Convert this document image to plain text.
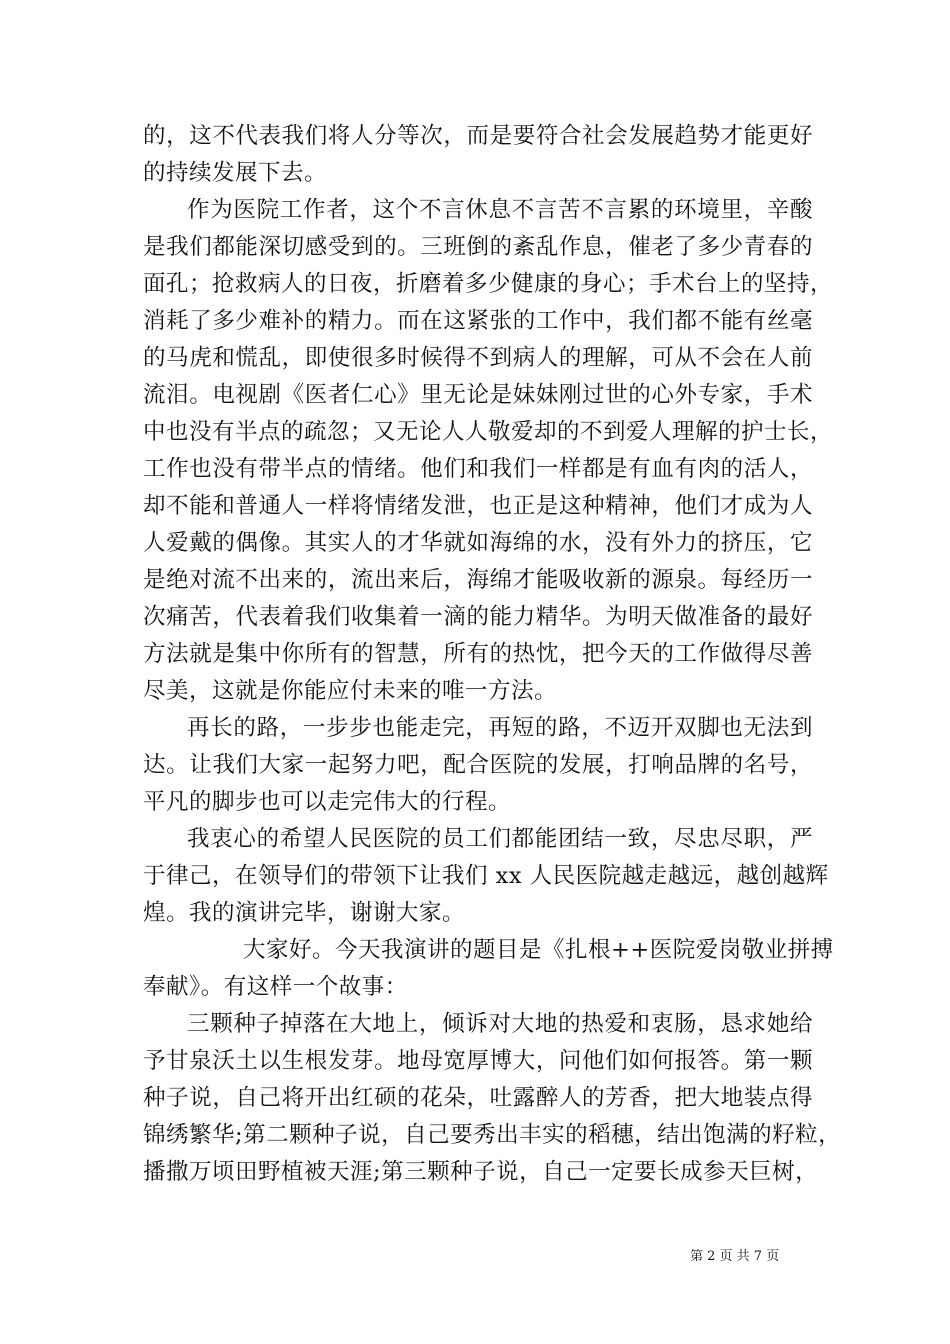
的，这不代表我们将人分等次，而是要符合社会发展趋势才能更好
的持续发展下去。
作为医院工作者，这个不言休息不言苦不言累的环境里，辛酸
是我们都能深切感受到的。三班倒的紊乱作息，催老了多少青春的
面孔；抢救病人的日夜，折磨着多少健康的身心；手术台上的坚持，
消耗了多少难补的精力。而在这紧张的工作中，我们都不能有丝毫
的马虎和慌乱，即使很多时候得不到病人的理解，可从不会在人前
流泪。电视剧《医者仁心》里无论是妹妹刚过世的心外专家，手术
中也没有半点的疏忽；又无论人人敬爱却的不到爱人理解的护士长，
工作也没有带半点的情绪。他们和我们一样都是有血有肉的活人，
却不能和普通人一样将情绪发泄，也正是这种精神，他们才成为人
人爱戴的偶像。其实人的才华就如海绵的水，没有外力的挤压，它
是绝对流不出来的，流出来后，海绵才能吸收新的源泉。每经历一
次痛苦，代表着我们收集着一滴的能力精华。为明天做准备的最好
方法就是集中你所有的智慧，所有的热忱，把今天的工作做得尽善
尽美，这就是你能应付未来的唯一方法。
再长的路，一步步也能走完，再短的路，不迈开双脚也无法到
达。让我们大家一起努力吧，配合医院的发展，打响品牌的名号，
平凡的脚步也可以走完伟大的行程。
我衷心的希望人民医院的员工们都能团结一致，尽忠尽职，严
于律己，在领导们的带领下让我们 xx 人民医院越走越远，越创越辉
煌。我的演讲完毕，谢谢大家。
大家好。今天我演讲的题目是《扎根++医院爱岗敬业拼搏
奉献》。有这样一个故事：
三颗种子掉落在大地上，倾诉对大地的热爱和衷肠，恳求她给
予甘泉沃土以生根发芽。地母宽厚博大，问他们如何报答。第一颗
种子说，自己将开出红硕的花朵，吐露醉人的芳香，把大地装点得
锦绣繁华;第二颗种子说，自己要秀出丰实的稻穗，结出饱满的籽粒，
播撒万顷田野植被天涯;第三颗种子说，自己一定要长成参天巨树，
第 2 页 共 7 页
